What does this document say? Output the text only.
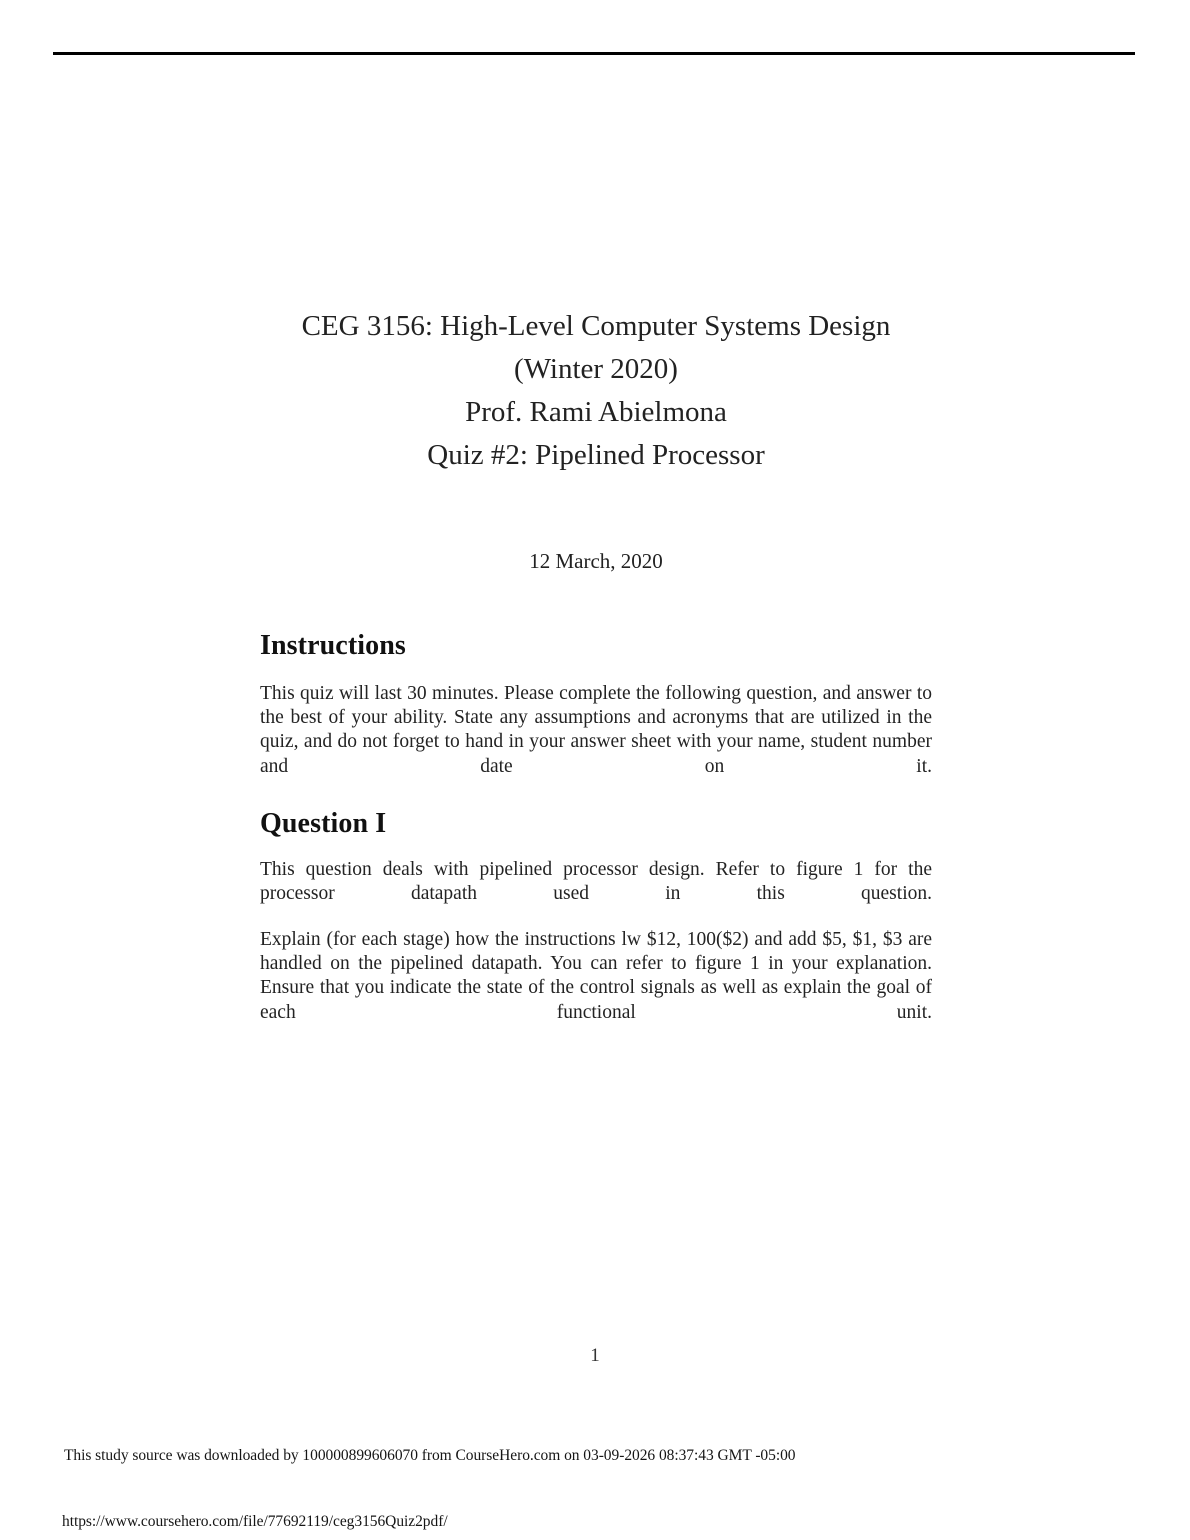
CEG 3156: High-Level Computer Systems Design
(Winter 2020)
Prof. Rami Abielmona
Quiz #2: Pipelined Processor
12 March, 2020
Instructions
This quiz will last 30 minutes. Please complete the following question, and answer to the best of your ability. State any assumptions and acronyms that are utilized in the quiz, and do not forget to hand in your answer sheet with your name, student number and date on it.
Question I
This question deals with pipelined processor design. Refer to figure 1 for the processor datapath used in this question.
Explain (for each stage) how the instructions lw $12, 100($2) and add $5, $1, $3 are handled on the pipelined datapath. You can refer to figure 1 in your explanation. Ensure that you indicate the state of the control signals as well as explain the goal of each functional unit.
1
This study source was downloaded by 100000899606070 from CourseHero.com on 03-09-2026 08:37:43 GMT -05:00
https://www.coursehero.com/file/77692119/ceg3156Quiz2pdf/
